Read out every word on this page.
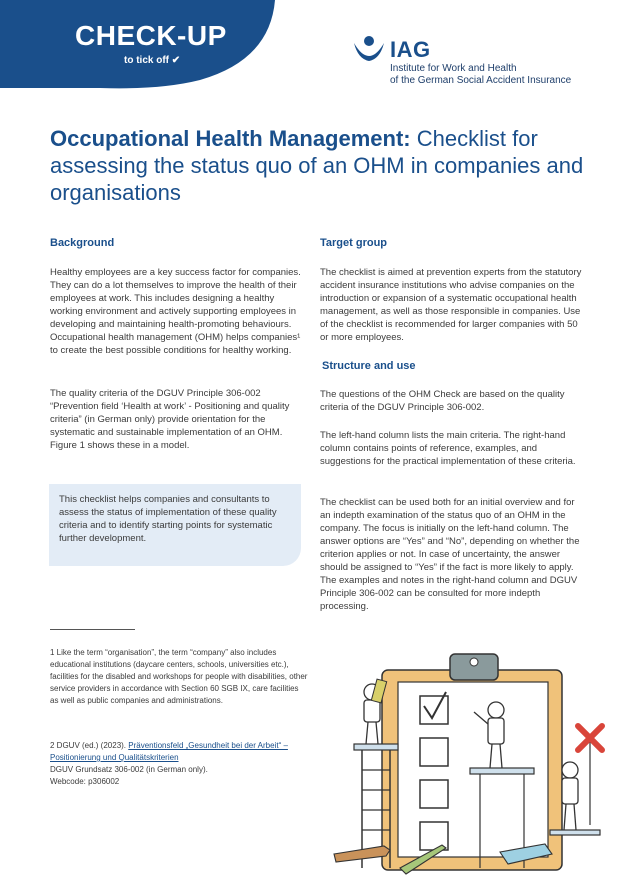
CHECK-UP
to tick off ✔	IAG
Institute for Work and Health
of the German Social Accident Insurance
Occupational Health Management: Checklist for assessing the status quo of an OHM in companies and organisations
Background

Healthy employees are a key success factor for companies. They can do a lot themselves to improve the health of their employees at work. This includes designing a healthy working environment and actively supporting employees in developing and maintaining health-promoting behaviours. Occupational health management (OHM) helps companies¹ to create the best possible conditions for healthy working.

The quality criteria of the DGUV Principle 306-002 “Prevention field ‘Health at work’ - Positioning and quality criteria” (in German only) provide orientation for the systematic and sustainable implementation of an OHM. Figure 1 shows these in a model.

This checklist helps companies and consultants to assess the status of implementation of these quality criteria and to identify starting points for systematic further development.

1 Like the term “organisation”, the term “company” also includes educational institutions (daycare centers, schools, universities etc.), facilities for the disabled and workshops for people with disabilities, other service providers in accordance with Section 60 SGB IX, care facilities as well as public companies and administrations.

2 DGUV (ed.) (2023). Präventionsfeld „Gesundheit bei der Arbeit“ – Positionierung und Qualitätskriterien
DGUV Grundsatz 306-002 (in German only).
Webcode: p306002

Target group

The checklist is aimed at prevention experts from the statutory accident insurance institutions who advise companies on the introduction or expansion of a systematic occupational health management, as well as those responsible in companies. Use of the checklist is recommended for larger companies with 50 or more employees.

Structure and use

The questions of the OHM Check are based on the quality criteria of the DGUV Principle 306-002.

The left-hand column lists the main criteria. The right-hand column contains points of reference, examples, and suggestions for the practical implementation of these criteria.

The checklist can be used both for an initial overview and for an indepth examination of the status quo of an OHM in the company. The focus is initially on the left-hand column. The answer options are “Yes” and “No”, depending on whether the criterion applies or not. In case of uncertainty, the answer should be assigned to “Yes” if the fact is more likely to apply. The examples and notes in the right-hand column and DGUV Principle 306-002 can be consulted for more indepth processing.
